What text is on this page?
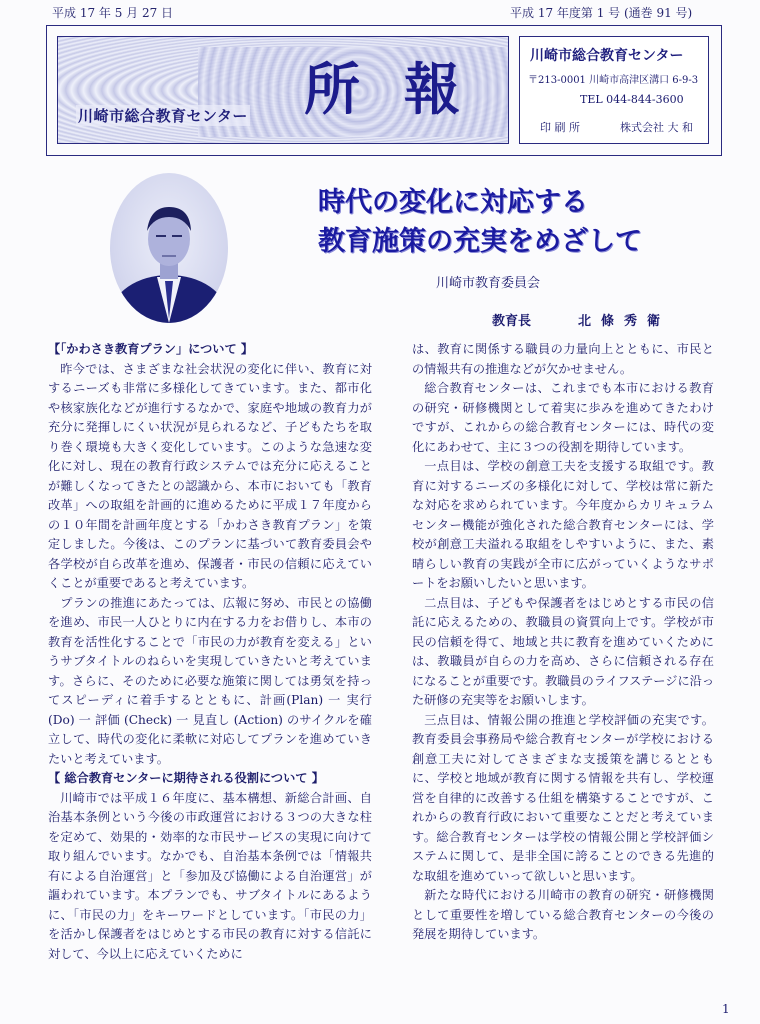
平成 17 年 5 月 27 日	平成 17 年度第 1 号 (通巻 91 号)
川崎市総合教育センター 所報
川崎市総合教育センター
〒213-0001 川崎市高津区溝口 6-9-3
TEL 044-844-3600
印 刷 所	株式会社 大 和
時代の変化に対応する
教育施策の充実をめざして
川崎市教育委員会
教育長	北條秀衛
【「かわさき教育プラン」について 】

昨今では、さまざまな社会状況の変化に伴い、教育に対するニーズも非常に多様化してきています。また、都市化や核家族化などが進行するなかで、家庭や地域の教育力が充分に発揮しにくい状況が見られるなど、子どもたちを取り巻く環境も大きく変化しています。このような急速な変化に対し、現在の教育行政システムでは充分に応えることが難しくなってきたとの認識から、本市においても「教育改革」への取組を計画的に進めるために平成１７年度からの１０年間を計画年度とする「かわさき教育プラン」を策定しました。今後は、このプランに基づいて教育委員会や各学校が自ら改革を進め、保護者・市民の信頼に応えていくことが重要であると考えています。

プランの推進にあたっては、広報に努め、市民との協働を進め、市民一人ひとりに内在する力をお借りし、本市の教育を活性化することで「市民の力が教育を変える」というサブタイトルのねらいを実現していきたいと考えています。さらに、そのために必要な施策に関しては勇気を持ってスピーディに着手するとともに、計画(Plan) 一 実行 (Do) 一 評価 (Check) 一 見直し (Action) のサイクルを確立して、時代の変化に柔軟に対応してプランを進めていきたいと考えています。

【 総合教育センターに期待される役割について 】

川崎市では平成１６年度に、基本構想、新総合計画、自治基本条例という今後の市政運営における３つの大きな柱を定めて、効果的・効率的な市民サービスの実現に向けて取り組んでいます。なかでも、自治基本条例では「情報共有による自治運営」と「参加及び協働による自治運営」が謳われています。本プランでも、サブタイトルにあるように、「市民の力」をキーワードとしています。「市民の力」を活かし保護者をはじめとする市民の教育に対する信託に対して、今以上に応えていくために

は、教育に関係する職員の力量向上とともに、市民との情報共有の推進などが欠かせません。

総合教育センターは、これまでも本市における教育の研究・研修機関として着実に歩みを進めてきたわけですが、これからの総合教育センターには、時代の変化にあわせて、主に３つの役割を期待しています。

一点目は、学校の創意工夫を支援する取組です。教育に対するニーズの多様化に対して、学校は常に新たな対応を求められています。今年度からカリキュラムセンター機能が強化された総合教育センターには、学校が創意工夫溢れる取組をしやすいように、また、素晴らしい教育の実践が全市に広がっていくようなサポートをお願いしたいと思います。

二点目は、子どもや保護者をはじめとする市民の信託に応えるための、教職員の資質向上です。学校が市民の信頼を得て、地域と共に教育を進めていくためには、教職員が自らの力を高め、さらに信頼される存在になることが重要です。教職員のライフステージに沿った研修の充実等をお願いします。

三点目は、情報公開の推進と学校評価の充実です。教育委員会事務局や総合教育センターが学校における創意工夫に対してさまざまな支援策を講じるとともに、学校と地域が教育に関する情報を共有し、学校運営を自律的に改善する仕組を構築することですが、これからの教育行政において重要なことだと考えています。総合教育センターは学校の情報公開と学校評価システムに関して、是非全国に誇ることのできる先進的な取組を進めていって欲しいと思います。

新たな時代における川崎市の教育の研究・研修機関として重要性を増している総合教育センターの今後の発展を期待しています。

1
